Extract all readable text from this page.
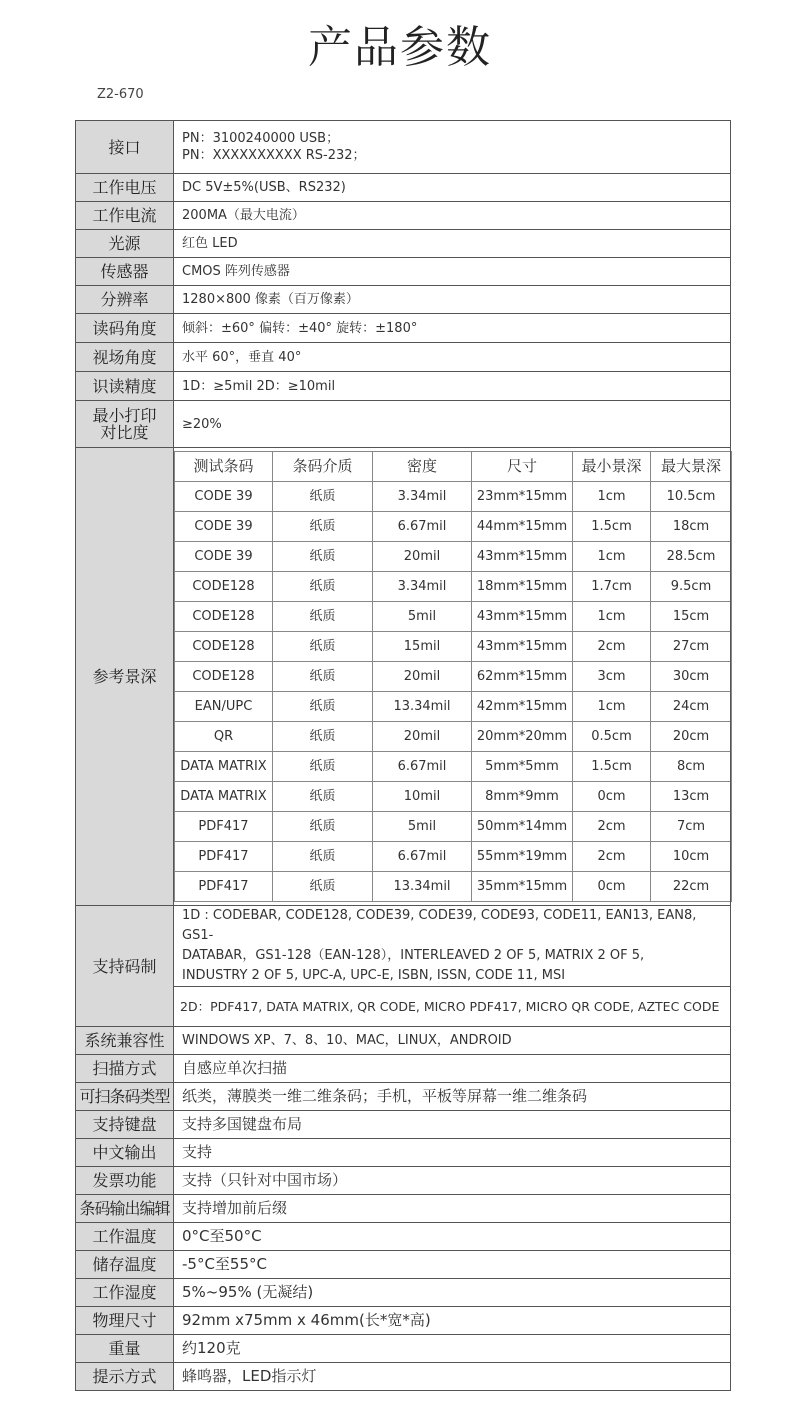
产品参数
Z2-670
接口	PN：3100240000 USB；
PN：XXXXXXXXXX RS-232；

工作电压	DC 5V±5%(USB、RS232)
工作电流	200MA（最大电流）
光源	红色 LED
传感器	CMOS 阵列传感器
分辨率	1280×800 像素（百万像素）
读码角度	倾斜：±60° 偏转：±40° 旋转：±180°
视场角度	水平 60°，垂直 40°
识读精度	1D：≥5mil 2D：≥10mil

最小打印
对比度	≥20%
参考景深	
测试条码	条码介质	密度	尺寸	最小景深	最大景深
CODE 39	纸质	3.34mil	23mm*15mm	1cm	10.5cm
CODE 39	纸质	6.67mil	44mm*15mm	1.5cm	18cm
CODE 39	纸质	20mil	43mm*15mm	1cm	28.5cm
CODE128	纸质	3.34mil	18mm*15mm	1.7cm	9.5cm
CODE128	纸质	5mil	43mm*15mm	1cm	15cm
CODE128	纸质	15mil	43mm*15mm	2cm	27cm
CODE128	纸质	20mil	62mm*15mm	3cm	30cm
EAN/UPC	纸质	13.34mil	42mm*15mm	1cm	24cm
QR	纸质	20mil	20mm*20mm	0.5cm	20cm
DATA MATRIX	纸质	6.67mil	5mm*5mm	1.5cm	8cm
DATA MATRIX	纸质	10mil	8mm*9mm	0cm	13cm
PDF417	纸质	5mil	50mm*14mm	2cm	7cm
PDF417	纸质	6.67mil	55mm*19mm	2cm	10cm
PDF417	纸质	13.34mil	35mm*15mm	0cm	22cm

支持码制	
1D : CODEBAR, CODE128, CODE39, CODE39, CODE93, CODE11, EAN13, EAN8, GS1-
DATABAR，GS1-128（EAN-128），INTERLEAVED 2 OF 5, MATRIX 2 OF 5,
INDUSTRY 2 OF 5, UPC-A, UPC-E, ISBN, ISSN, CODE 11, MSI

2D：PDF417, DATA MATRIX, QR CODE, MICRO PDF417, MICRO QR CODE, AZTEC CODE
系统兼容性	WINDOWS XP、7、8、10、MAC，LINUX，ANDROID
扫描方式	自感应单次扫描
可扫条码类型	纸类，薄膜类一维二维条码；手机，平板等屏幕一维二维条码
支持键盘	支持多国键盘布局
中文输出	支持
发票功能	支持（只针对中国市场）
条码输出编辑	支持增加前后缀
工作温度	0°C至50°C
储存温度	-5°C至55°C
工作湿度	5%~95% (无凝结)
物理尺寸	92mm x75mm x 46mm(长*宽*高)
重量	约120克
提示方式	蜂鸣器，LED指示灯
